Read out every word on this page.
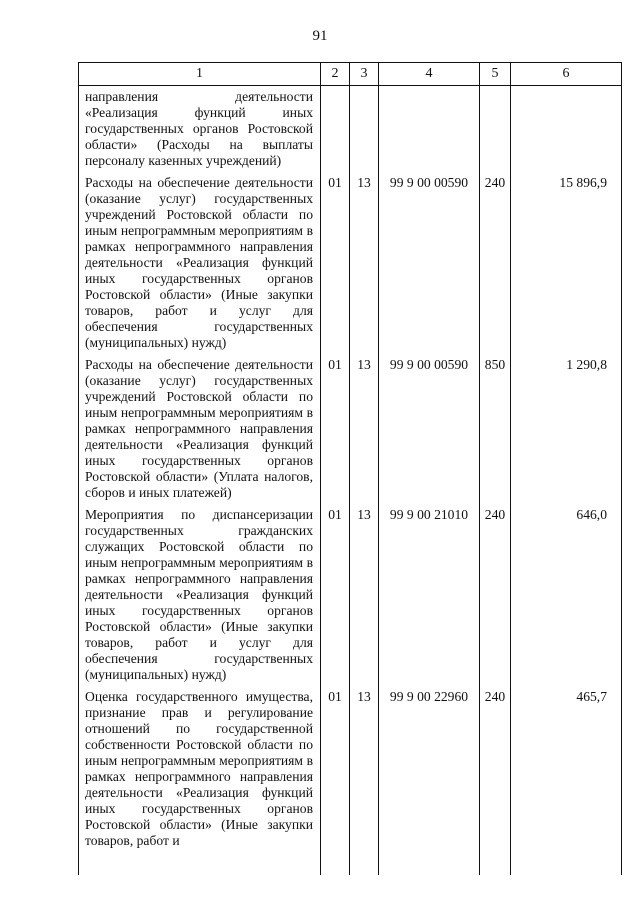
91
1	2	3	4	5	6
направления деятельности «Реализация функций иных государственных органов Ростовской области» (Расходы на выплаты персоналу казенных учреждений)					
Расходы на обеспечение деятельности (оказание услуг) государственных учреждений Ростовской области по иным непрограммным мероприятиям в рамках непрограммного направления деятельности «Реализация функций иных государственных органов Ростовской области» (Иные закупки товаров, работ и услуг для обеспечения государственных (муниципальных) нужд)	01	13	99 9 00 00590	240	15 896,9
Расходы на обеспечение деятельности (оказание услуг) государственных учреждений Ростовской области по иным непрограммным мероприятиям в рамках непрограммного направления деятельности «Реализация функций иных государственных органов Ростовской области» (Уплата налогов, сборов и иных платежей)	01	13	99 9 00 00590	850	1 290,8
Мероприятия по диспансеризации государственных гражданских служащих Ростовской области по иным непрограммным мероприятиям в рамках непрограммного направления деятельности «Реализация функций иных государственных органов Ростовской области» (Иные закупки товаров, работ и услуг для обеспечения государственных (муниципальных) нужд)	01	13	99 9 00 21010	240	646,0
Оценка государственного имущества, признание прав и регулирование отношений по государственной собственности Ростовской области по иным непрограммным мероприятиям в рамках непрограммного направления деятельности «Реализация функций иных государственных органов Ростовской области» (Иные закупки товаров, работ и	01	13	99 9 00 22960	240	465,7
